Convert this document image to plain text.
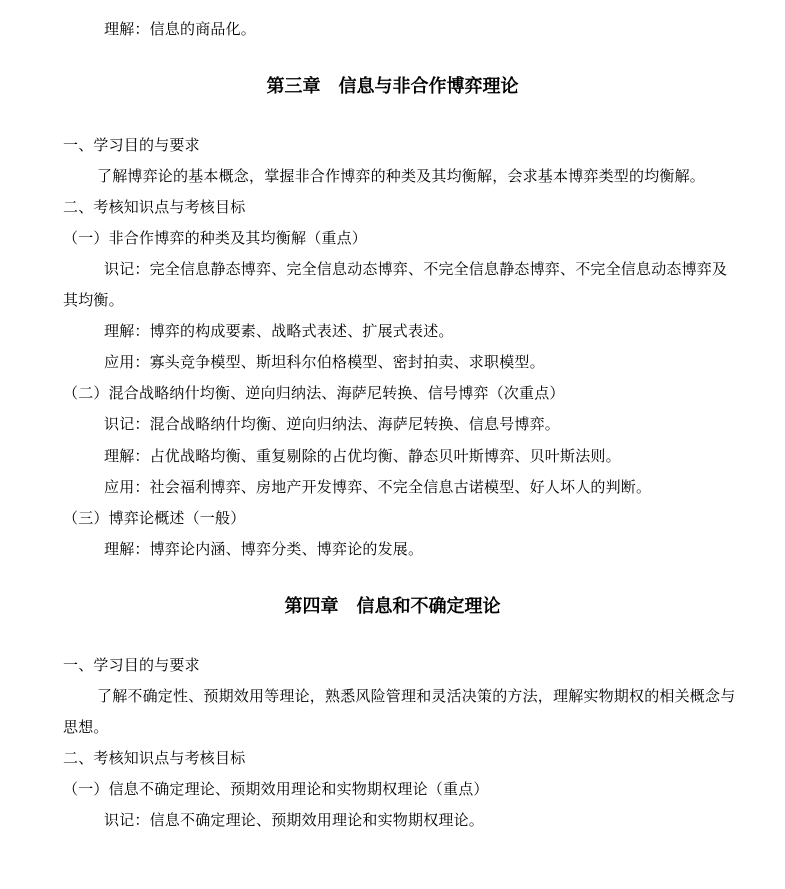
理解：信息的商品化。
第三章　信息与非合作博弈理论
一、学习目的与要求
了解博弈论的基本概念，掌握非合作博弈的种类及其均衡解，会求基本博弈类型的均衡解。
二、考核知识点与考核目标
（一）非合作博弈的种类及其均衡解（重点）
识记：完全信息静态博弈、完全信息动态博弈、不完全信息静态博弈、不完全信息动态博弈及
其均衡。
理解：博弈的构成要素、战略式表述、扩展式表述。
应用：寡头竞争模型、斯坦科尔伯格模型、密封拍卖、求职模型。
（二）混合战略纳什均衡、逆向归纳法、海萨尼转换、信号博弈（次重点）
识记：混合战略纳什均衡、逆向归纳法、海萨尼转换、信息号博弈。
理解：占优战略均衡、重复剔除的占优均衡、静态贝叶斯博弈、贝叶斯法则。
应用：社会福利博弈、房地产开发博弈、不完全信息古诺模型、好人坏人的判断。
（三）博弈论概述（一般）
理解：博弈论内涵、博弈分类、博弈论的发展。
第四章　信息和不确定理论
一、学习目的与要求
了解不确定性、预期效用等理论，熟悉风险管理和灵活决策的方法，理解实物期权的相关概念与
思想。
二、考核知识点与考核目标
（一）信息不确定理论、预期效用理论和实物期权理论（重点）
识记：信息不确定理论、预期效用理论和实物期权理论。
